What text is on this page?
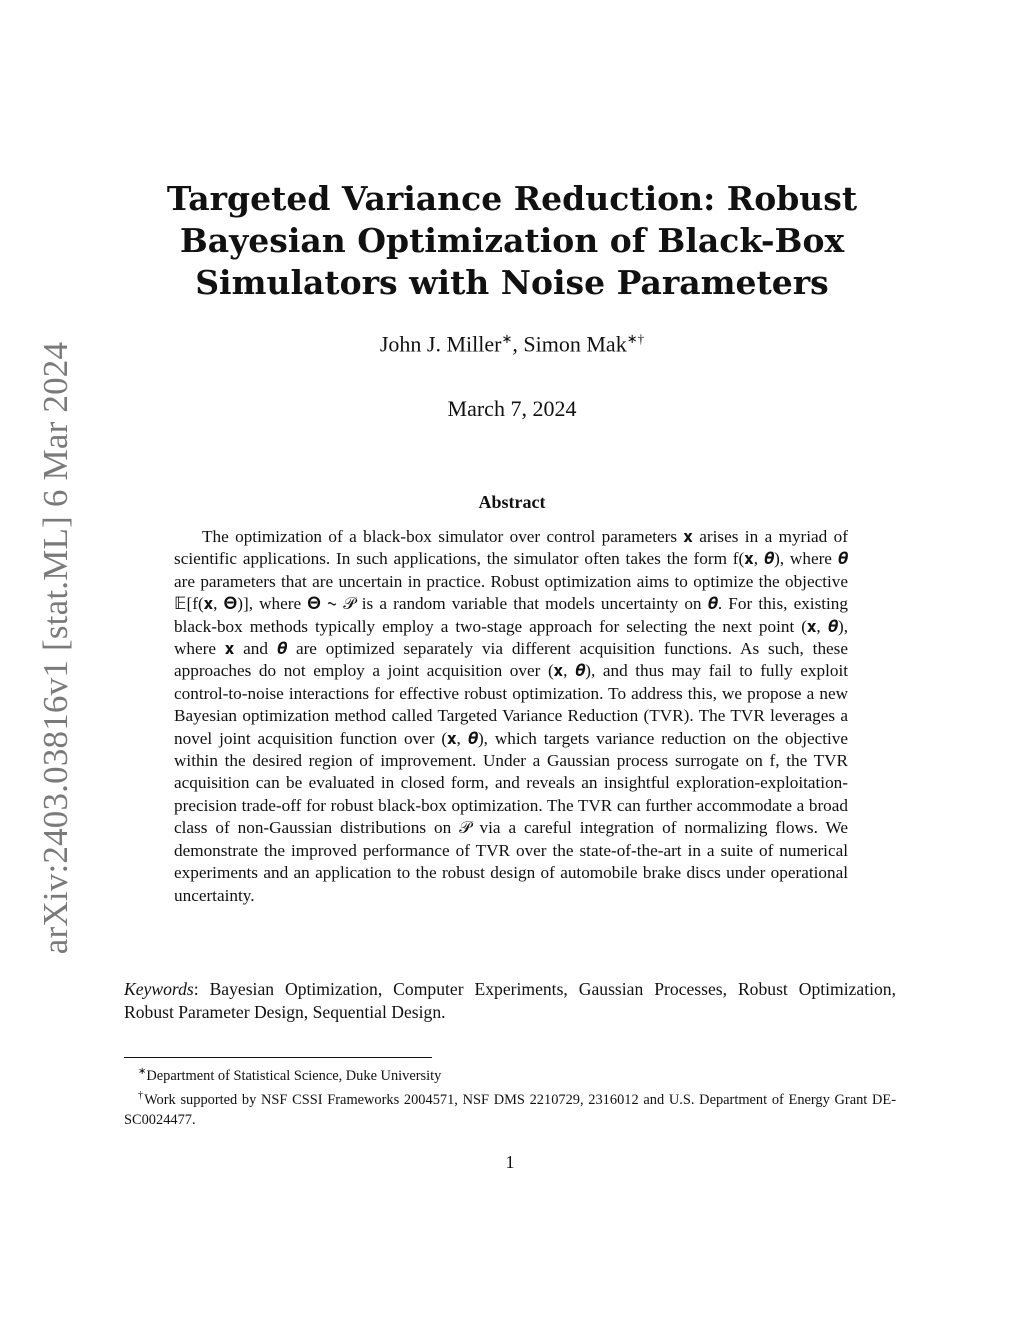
arXiv:2403.03816v1 [stat.ML] 6 Mar 2024
Targeted Variance Reduction: Robust
Bayesian Optimization of Black-Box
Simulators with Noise Parameters
John J. Miller∗, Simon Mak∗†
March 7, 2024
Abstract

The optimization of a black-box simulator over control parameters 𝐱 arises in a myriad of scientific applications. In such applications, the simulator often takes the form f(𝐱, 𝜽), where 𝜽 are parameters that are uncertain in practice. Robust optimization aims to optimize the objective 𝔼[f(𝐱, 𝚯)], where 𝚯 ∼ 𝒫 is a random variable that models uncertainty on 𝜽. For this, existing black-box methods typically employ a two-stage approach for selecting the next point (𝐱, 𝜽), where 𝐱 and 𝜽 are optimized separately via different acquisition functions. As such, these approaches do not employ a joint acquisition over (𝐱, 𝜽), and thus may fail to fully exploit control-to-noise interactions for effective robust optimization. To address this, we propose a new Bayesian optimization method called Targeted Variance Reduction (TVR). The TVR leverages a novel joint acquisition function over (𝐱, 𝜽), which targets variance reduction on the objective within the desired region of improvement. Under a Gaussian process surrogate on f, the TVR acquisition can be evaluated in closed form, and reveals an insightful exploration-exploitation-precision trade-off for robust black-box optimization. The TVR can further accommodate a broad class of non-Gaussian distributions on 𝒫 via a careful integration of normalizing flows. We demonstrate the improved performance of TVR over the state-of-the-art in a suite of numerical experiments and an application to the robust design of automobile brake discs under operational uncertainty.

Keywords: Bayesian Optimization, Computer Experiments, Gaussian Processes, Robust Optimization, Robust Parameter Design, Sequential Design.

∗Department of Statistical Science, Duke University

†Work supported by NSF CSSI Frameworks 2004571, NSF DMS 2210729, 2316012 and U.S. Department of Energy Grant DE-SC0024477.

1
